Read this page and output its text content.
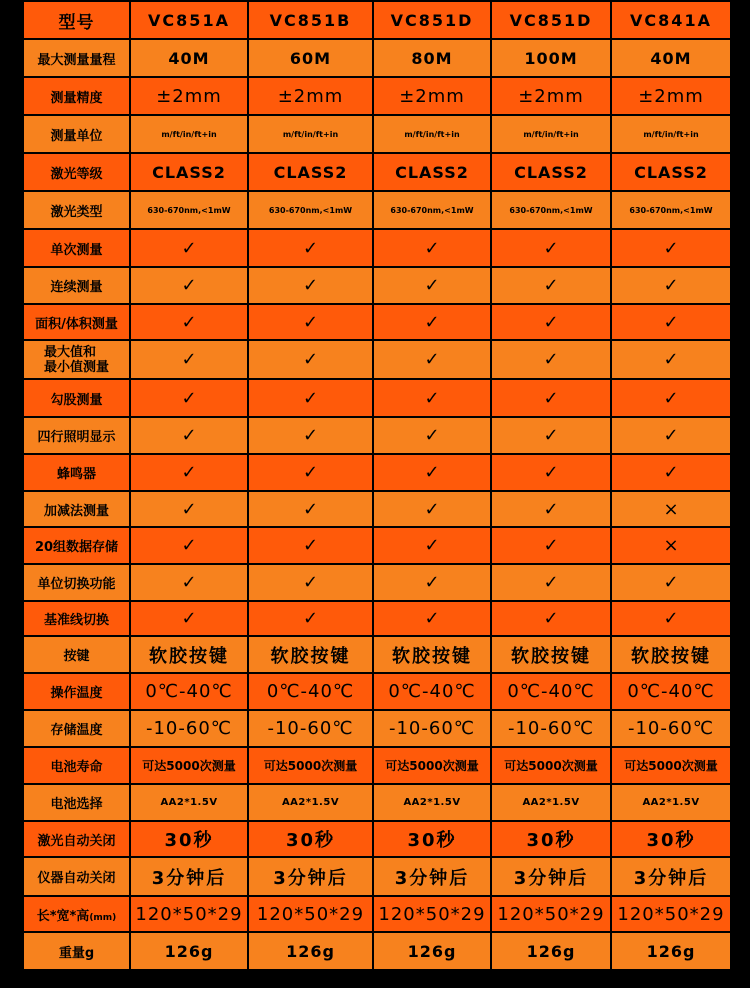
型号	VC851A	VC851B	VC851D	VC851D	VC841A
最大测量量程	40M	60M	80M	100M	40M
测量精度	±2mm	±2mm	±2mm	±2mm	±2mm
测量单位	m/ft/in/ft+in	m/ft/in/ft+in	m/ft/in/ft+in	m/ft/in/ft+in	m/ft/in/ft+in
激光等级	CLASS2	CLASS2	CLASS2	CLASS2	CLASS2
激光类型	630-670nm,<1mW	630-670nm,<1mW	630-670nm,<1mW	630-670nm,<1mW	630-670nm,<1mW
单次测量	✓	✓	✓	✓	✓
连续测量	✓	✓	✓	✓	✓
面积/体积测量	✓	✓	✓	✓	✓
最大值和
最小值测量	✓	✓	✓	✓	✓
勾股测量	✓	✓	✓	✓	✓
四行照明显示	✓	✓	✓	✓	✓
蜂鸣器	✓	✓	✓	✓	✓
加减法测量	✓	✓	✓	✓	×
20组数据存储	✓	✓	✓	✓	×
单位切换功能	✓	✓	✓	✓	✓
基准线切换	✓	✓	✓	✓	✓
按键	软胶按键	软胶按键	软胶按键	软胶按键	软胶按键
操作温度	0℃-40℃	0℃-40℃	0℃-40℃	0℃-40℃	0℃-40℃
存储温度	-10-60℃	-10-60℃	-10-60℃	-10-60℃	-10-60℃
电池寿命	可达5000次测量	可达5000次测量	可达5000次测量	可达5000次测量	可达5000次测量
电池选择	AA2*1.5V	AA2*1.5V	AA2*1.5V	AA2*1.5V	AA2*1.5V
激光自动关闭	30秒	30秒	30秒	30秒	30秒
仪器自动关闭	3分钟后	3分钟后	3分钟后	3分钟后	3分钟后
长*宽*高(mm)	120*50*29	120*50*29	120*50*29	120*50*29	120*50*29
重量g	126g	126g	126g	126g	126g
